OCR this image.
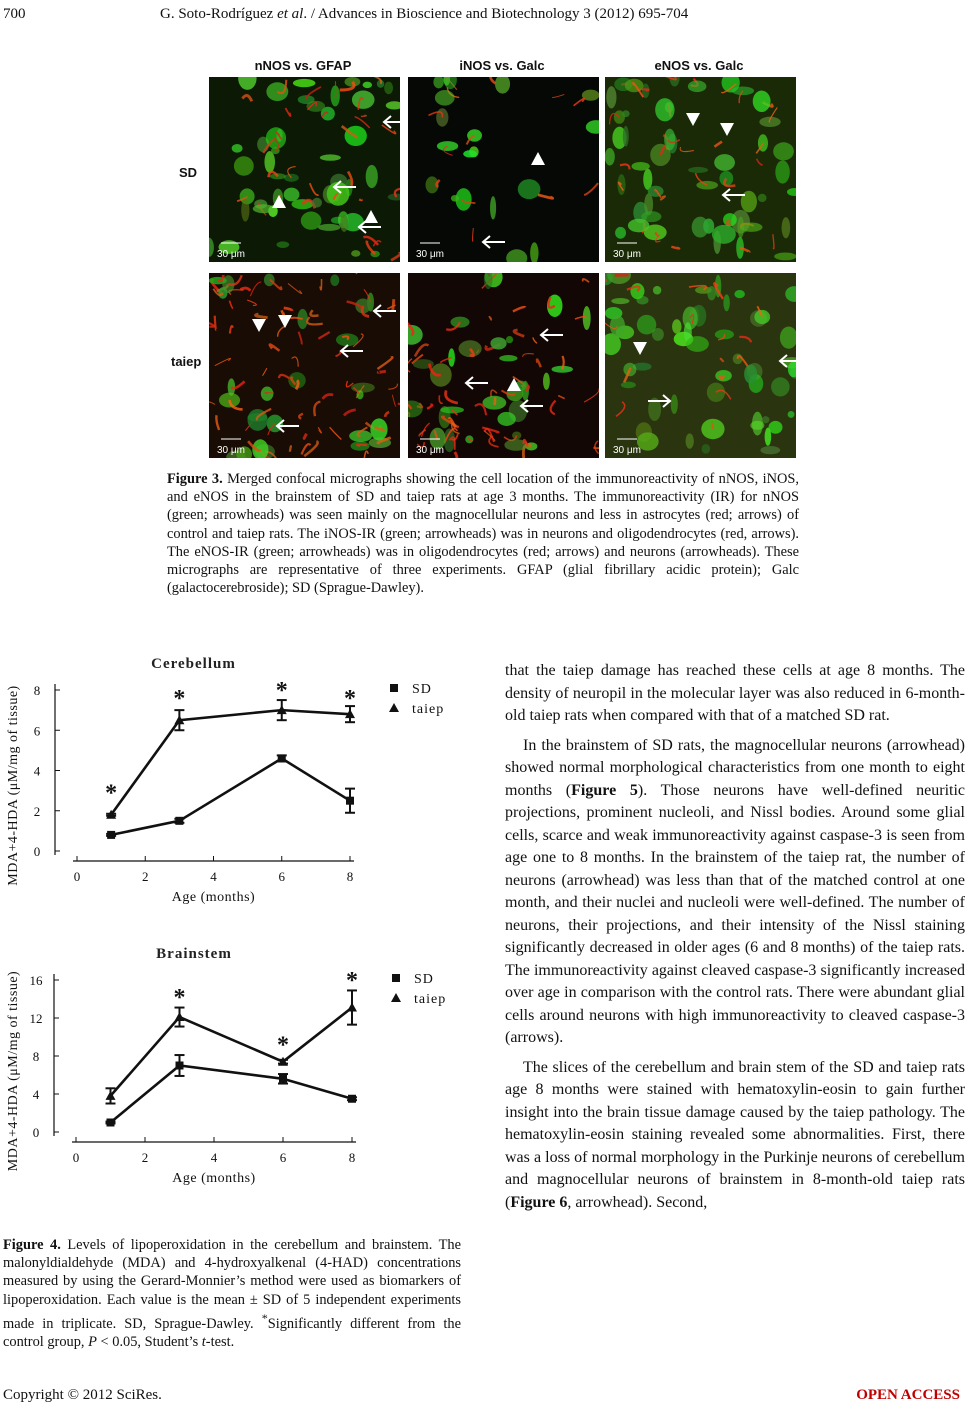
700	G. Soto-Rodríguez et al. / Advances in Bioscience and Biotechnology 3 (2012) 695-704
nNOS vs. GFAP	iNOS vs. Galc	eNOS vs. Galc
SD
taiep
30 μm	30 μm	30 μm
30 μm	30 μm	30 μm
Figure 3. Merged confocal micrographs showing the cell location of the immunoreactivity of nNOS, iNOS, and eNOS in the brainstem of SD and taiep rats at age 3 months. The immunoreactivity (IR) for nNOS (green; arrowheads) was seen mainly on the magnocellular neurons and less in astrocytes (red; arrows) of control and taiep rats. The iNOS-IR (green; arrowheads) was in neurons and oligodendrocytes (red, arrows). The eNOS-IR (green; arrowheads) was in oligodendrocytes (red; arrows) and neurons (arrowheads). These micrographs are representative of three experiments. GFAP (glial fibrillary acidic protein); Galc (galactocerebroside); SD (Sprague-Dawley).
Cerebellum
0
2
4
6
8
0	2	4	6	8
Age (months)
MDA+4-HDA (μM/mg of tissue)	*
*	* *	SD
taiep
Brainstem
0
4
8
12
16
0	2	4	6	8
Age (months)
MDA+4-HDA (μM/mg of tissue)	*
*
*	SD
taiep
Figure 4. Levels of lipoperoxidation in the cerebellum and brainstem. The malonyldialdehyde (MDA) and 4-hydroxyalkenal (4-HAD) concentrations measured by using the Gerard-Monnier’s method were used as biomarkers of lipoperoxidation. Each value is the mean ± SD of 5 independent experiments made in triplicate. SD, Sprague-Dawley. *Significantly different from the control group, P < 0.05, Student’s t-test.

that the taiep damage has reached these cells at age 8 months. The density of neuropil in the molecular layer was also reduced in 6-month-old taiep rats when compared with that of a matched SD rat.

In the brainstem of SD rats, the magnocellular neurons (arrowhead) showed normal morphological characteristics from one month to eight months (Figure 5). Those neurons have well-defined neuritic projections, prominent nucleoli, and Nissl bodies. Around some glial cells, scarce and weak immunoreactivity against caspase-3 is seen from age one to 8 months. In the brainstem of the taiep rat, the number of neurons (arrowhead) was less than that of the matched control at one month, and their nuclei and nucleoli were well-defined. The number of neurons, their projections, and their intensity of the Nissl staining significantly decreased in older ages (6 and 8 months) of the taiep rats. The immunoreactivity against cleaved caspase-3 significantly increased over age in comparison with the control rats. There were abundant glial cells around neurons with high immunoreactivity to cleaved caspase-3 (arrows).

The slices of the cerebellum and brain stem of the SD and taiep rats age 8 months were stained with hematoxylin-eosin to gain further insight into the brain tissue damage caused by the taiep pathology. The hematoxylin-eosin staining revealed some abnormalities. First, there was a loss of normal morphology in the Purkinje neurons of cerebellum and magnocellular neurons of brainstem in 8-month-old taiep rats (Figure 6, arrowhead). Second,

Copyright © 2012 SciRes.	OPEN ACCESS
